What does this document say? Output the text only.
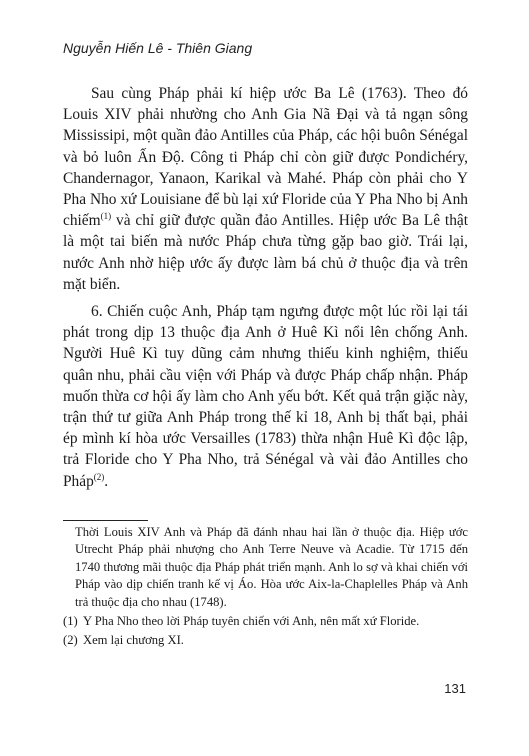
Nguyễn Hiến Lê - Thiên Giang

Sau cùng Pháp phải kí hiệp ước Ba Lê (1763). Theo đó Louis XIV phải nhường cho Anh Gia Nã Đại và tả ngạn sông Mississipi, một quần đảo Antilles của Pháp, các hội buôn Sénégal và bỏ luôn Ấn Độ. Công ti Pháp chỉ còn giữ được Pondichéry, Chandernagor, Yanaon, Karikal và Mahé. Pháp còn phải cho Y Pha Nho xứ Louisiane để bù lại xứ Floride của Y Pha Nho bị Anh chiếm$^{(1)}$ và chỉ giữ được quần đảo Antilles. Hiệp ước Ba Lê thật là một tai biến mà nước Pháp chưa từng gặp bao giờ. Trái lại, nước Anh nhờ hiệp ước ấy được làm bá chủ ở thuộc địa và trên mặt biển.

6. Chiến cuộc Anh, Pháp tạm ngưng được một lúc rồi lại tái phát trong dịp 13 thuộc địa Anh ở Huê Kì nổi lên chống Anh. Người Huê Kì tuy dũng cảm nhưng thiếu kinh nghiệm, thiếu quân nhu, phải cầu viện với Pháp và được Pháp chấp nhận. Pháp muốn thừa cơ hội ấy làm cho Anh yếu bớt. Kết quả trận giặc này, trận thứ tư giữa Anh Pháp trong thế kỉ 18, Anh bị thất bại, phải ép mình kí hòa ước Versailles (1783) thừa nhận Huê Kì độc lập, trả Floride cho Y Pha Nho, trả Sénégal và vài đảo Antilles cho Pháp$^{(2)}$.

Thời Louis XIV Anh và Pháp đã đánh nhau hai lần ở thuộc địa. Hiệp ước Utrecht Pháp phải nhượng cho Anh Terre Neuve và Acadie. Từ 1715 đến 1740 thương mãi thuộc địa Pháp phát triển mạnh. Anh lo sợ và khai chiến với Pháp vào dịp chiến tranh kế vị Áo. Hòa ước Aix-la-Chaplelles Pháp và Anh trả thuộc địa cho nhau (1748).

(1) Y Pha Nho theo lời Pháp tuyên chiến với Anh, nên mất xứ Floride.

(2) Xem lại chương XI.

131
